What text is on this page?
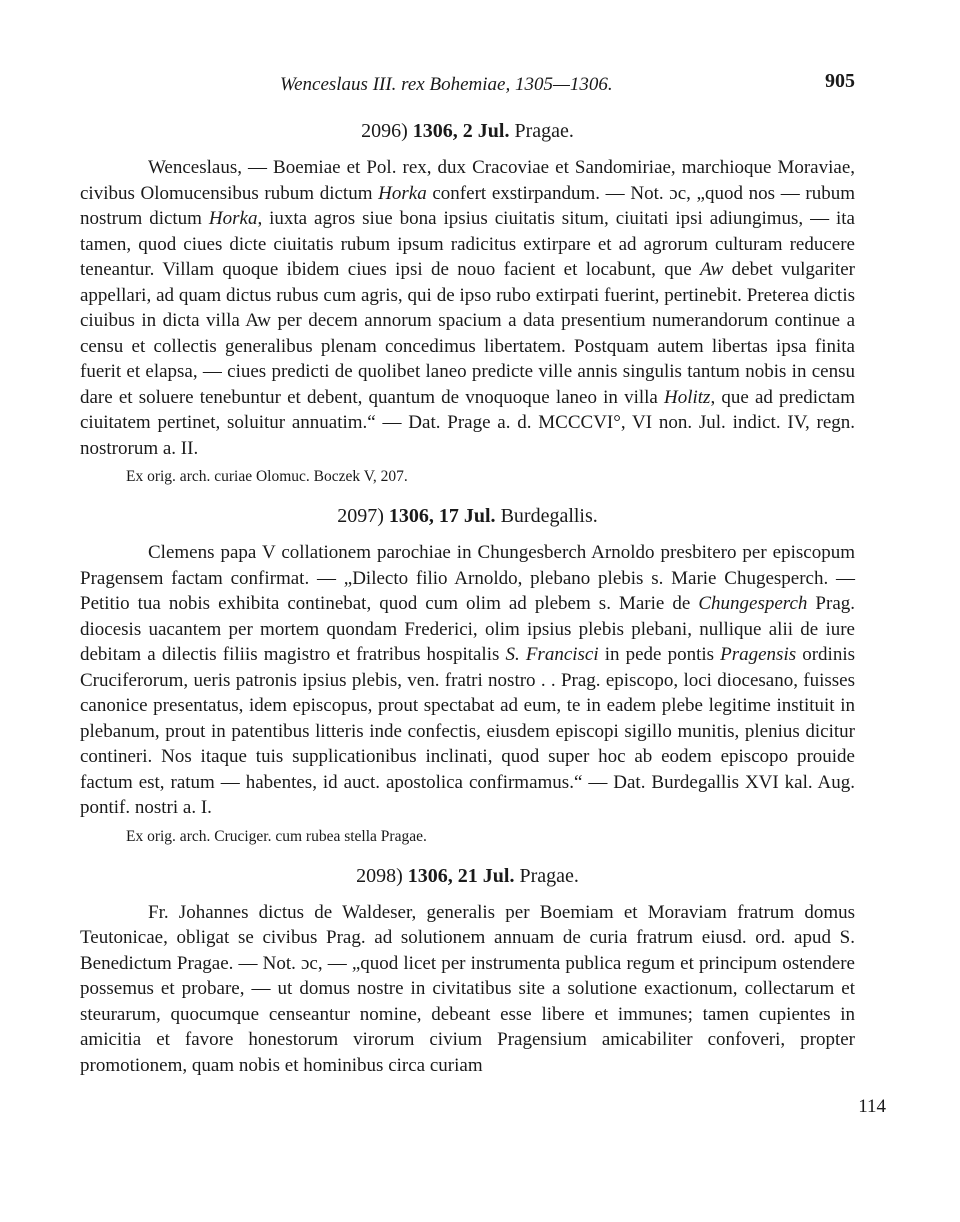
Wenceslaus III. rex Bohemiae, 1305—1306.	905
2096) 1306, 2 Jul. Pragae.

Wenceslaus, — Boemiae et Pol. rex, dux Cracoviae et Sandomiriae, marchioque Moraviae, civibus Olomucensibus rubum dictum Horka confert exstirpandum. — Not. ɔc, „quod nos — rubum nostrum dictum Horka, iuxta agros siue bona ipsius ciuitatis situm, ciuitati ipsi adiungimus, — ita tamen, quod ciues dicte ciuitatis rubum ipsum radicitus extirpare et ad agrorum culturam reducere teneantur. Villam quoque ibidem ciues ipsi de nouo facient et locabunt, que Aw debet vulgariter appellari, ad quam dictus rubus cum agris, qui de ipso rubo extirpati fuerint, pertinebit. Preterea dictis ciuibus in dicta villa Aw per decem annorum spacium a data presentium numerandorum continue a censu et collectis generalibus plenam concedimus libertatem. Postquam autem libertas ipsa finita fuerit et elapsa, — ciues predicti de quolibet laneo predicte ville annis singulis tantum nobis in censu dare et soluere tenebuntur et debent, quantum de vnoquoque laneo in villa Holitz, que ad predictam ciuitatem pertinet, soluitur annuatim.“ — Dat. Prage a. d. MCCCVI°, VI non. Jul. indict. IV, regn. nostrorum a. II.

Ex orig. arch. curiae Olomuc. Boczek V, 207.
2097) 1306, 17 Jul. Burdegallis.

Clemens papa V collationem parochiae in Chungesberch Arnoldo presbitero per episcopum Pragensem factam confirmat. — „Dilecto filio Arnoldo, plebano plebis s. Marie Chugesperch. — Petitio tua nobis exhibita continebat, quod cum olim ad plebem s. Marie de Chungesperch Prag. diocesis uacantem per mortem quondam Frederici, olim ipsius plebis plebani, nullique alii de iure debitam a dilectis filiis magistro et fratribus hospitalis S. Francisci in pede pontis Pragensis ordinis Cruciferorum, ueris patronis ipsius plebis, ven. fratri nostro . . Prag. episcopo, loci diocesano, fuisses canonice presentatus, idem episcopus, prout spectabat ad eum, te in eadem plebe legitime instituit in plebanum, prout in patentibus litteris inde confectis, eiusdem episcopi sigillo munitis, plenius dicitur contineri. Nos itaque tuis supplicationibus inclinati, quod super hoc ab eodem episcopo prouide factum est, ratum — habentes, id auct. apostolica confirmamus.“ — Dat. Burdegallis XVI kal. Aug. pontif. nostri a. I.

Ex orig. arch. Cruciger. cum rubea stella Pragae.
2098) 1306, 21 Jul. Pragae.

Fr. Johannes dictus de Waldeser, generalis per Boemiam et Moraviam fratrum domus Teutonicae, obligat se civibus Prag. ad solutionem annuam de curia fratrum eiusd. ord. apud S. Benedictum Pragae. — Not. ɔc, — „quod licet per instrumenta publica regum et principum ostendere possemus et probare, — ut domus nostre in civitatibus site a solutione exactionum, collectarum et steurarum, quocumque censeantur nomine, debeant esse libere et immunes; tamen cupientes in amicitia et favore honestorum virorum civium Pragensium amicabiliter confoveri, propter promotionem, quam nobis et hominibus circa curiam

114
